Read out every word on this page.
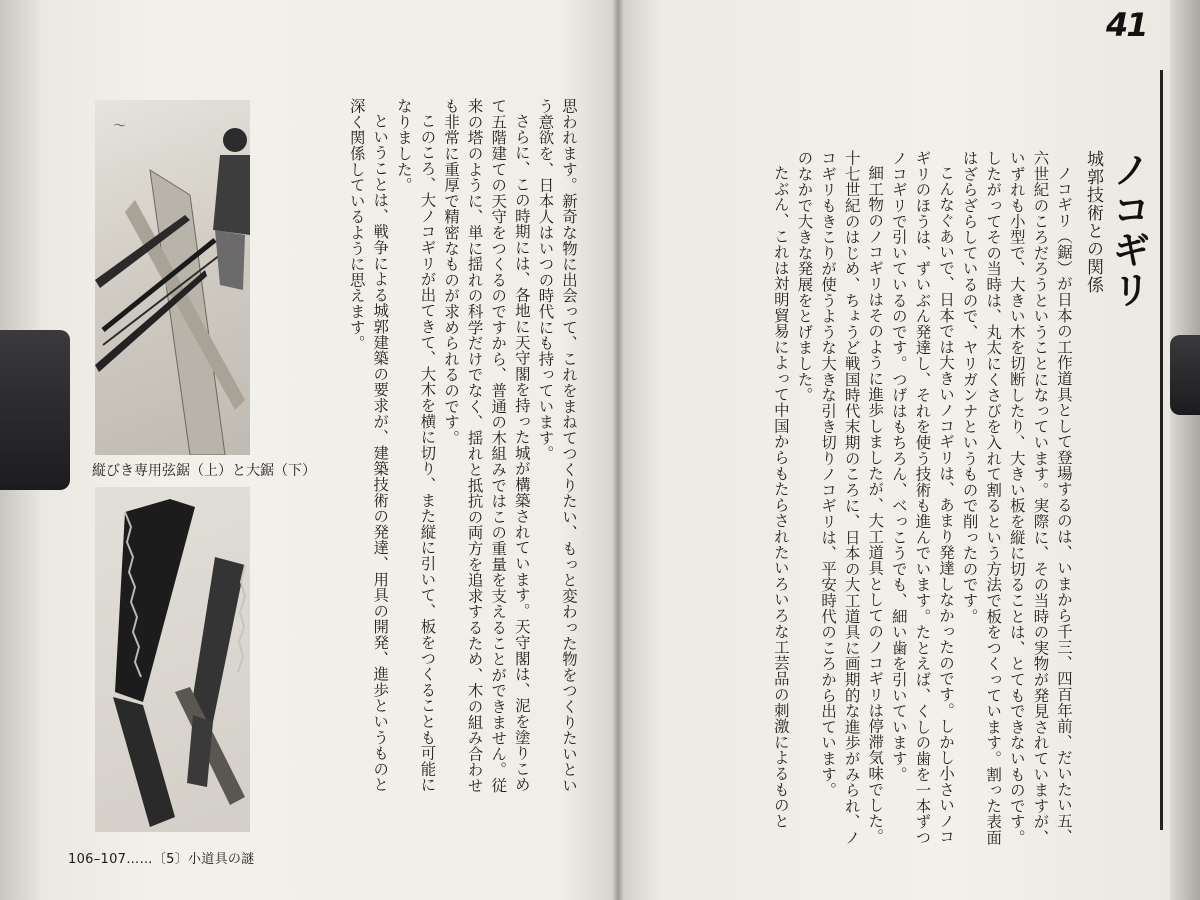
41
ノコギリ
城郭技術との関係

ノコギリ（鋸）が日本の工作道具として登場するのは、いまから千三、四百年前、だいたい五、六世紀のころだろうということになっています。実際に、その当時の実物が発見されていますが、いずれも小型で、大きい木を切断したり、大きい板を縦に切ることは、とてもできないものです。したがってその当時は、丸太にくさびを入れて割るという方法で板をつくっています。割った表面はざらざらしているので、ヤリガンナというもので削ったのです。

こんなぐあいで、日本では大きいノコギリは、あまり発達しなかったのです。しかし小さいノコギリのほうは、ずいぶん発達し、それを使う技術も進んでいます。たとえば、くしの歯を一本ずつノコギリで引いているのです。つげはもちろん、べっこうでも、細い歯を引いています。

細工物のノコギリはそのように進歩しましたが、大工道具としてのノコギリは停滞気味でした。十七世紀のはじめ、ちょうど戦国時代末期のころに、日本の大工道具に画期的な進歩がみられ、ノコギリもきこりが使うような大きな引き切りノコギリは、平安時代のころから出ています。

のなかで大きな発展をとげました。

たぶん、これは対明貿易によって中国からもたらされたいろいろな工芸品の刺激によるものと

思われます。新奇な物に出会って、これをまねてつくりたい、もっと変わった物をつくりたいという意欲を、日本人はいつの時代にも持っています。

さらに、この時期には、各地に天守閣を持った城が構築されています。天守閣は、泥を塗りこめて五階建ての天守をつくるのですから、普通の木組みではこの重量を支えることができません。従来の塔のように、単に揺れの科学だけでなく、揺れと抵抗の両方を追求するため、木の組み合わせも非常に重厚で精密なものが求められるのです。

このころ、大ノコギリが出てきて、大木を横に切り、また縦に引いて、板をつくることも可能になりました。

ということは、戦争による城郭建築の要求が、建築技術の発達、用具の開発、進歩というものと深く関係しているように思えます。

〜
縦びき専用弦鋸（上）と大鋸（下）
106–107……〔5〕小道具の謎
